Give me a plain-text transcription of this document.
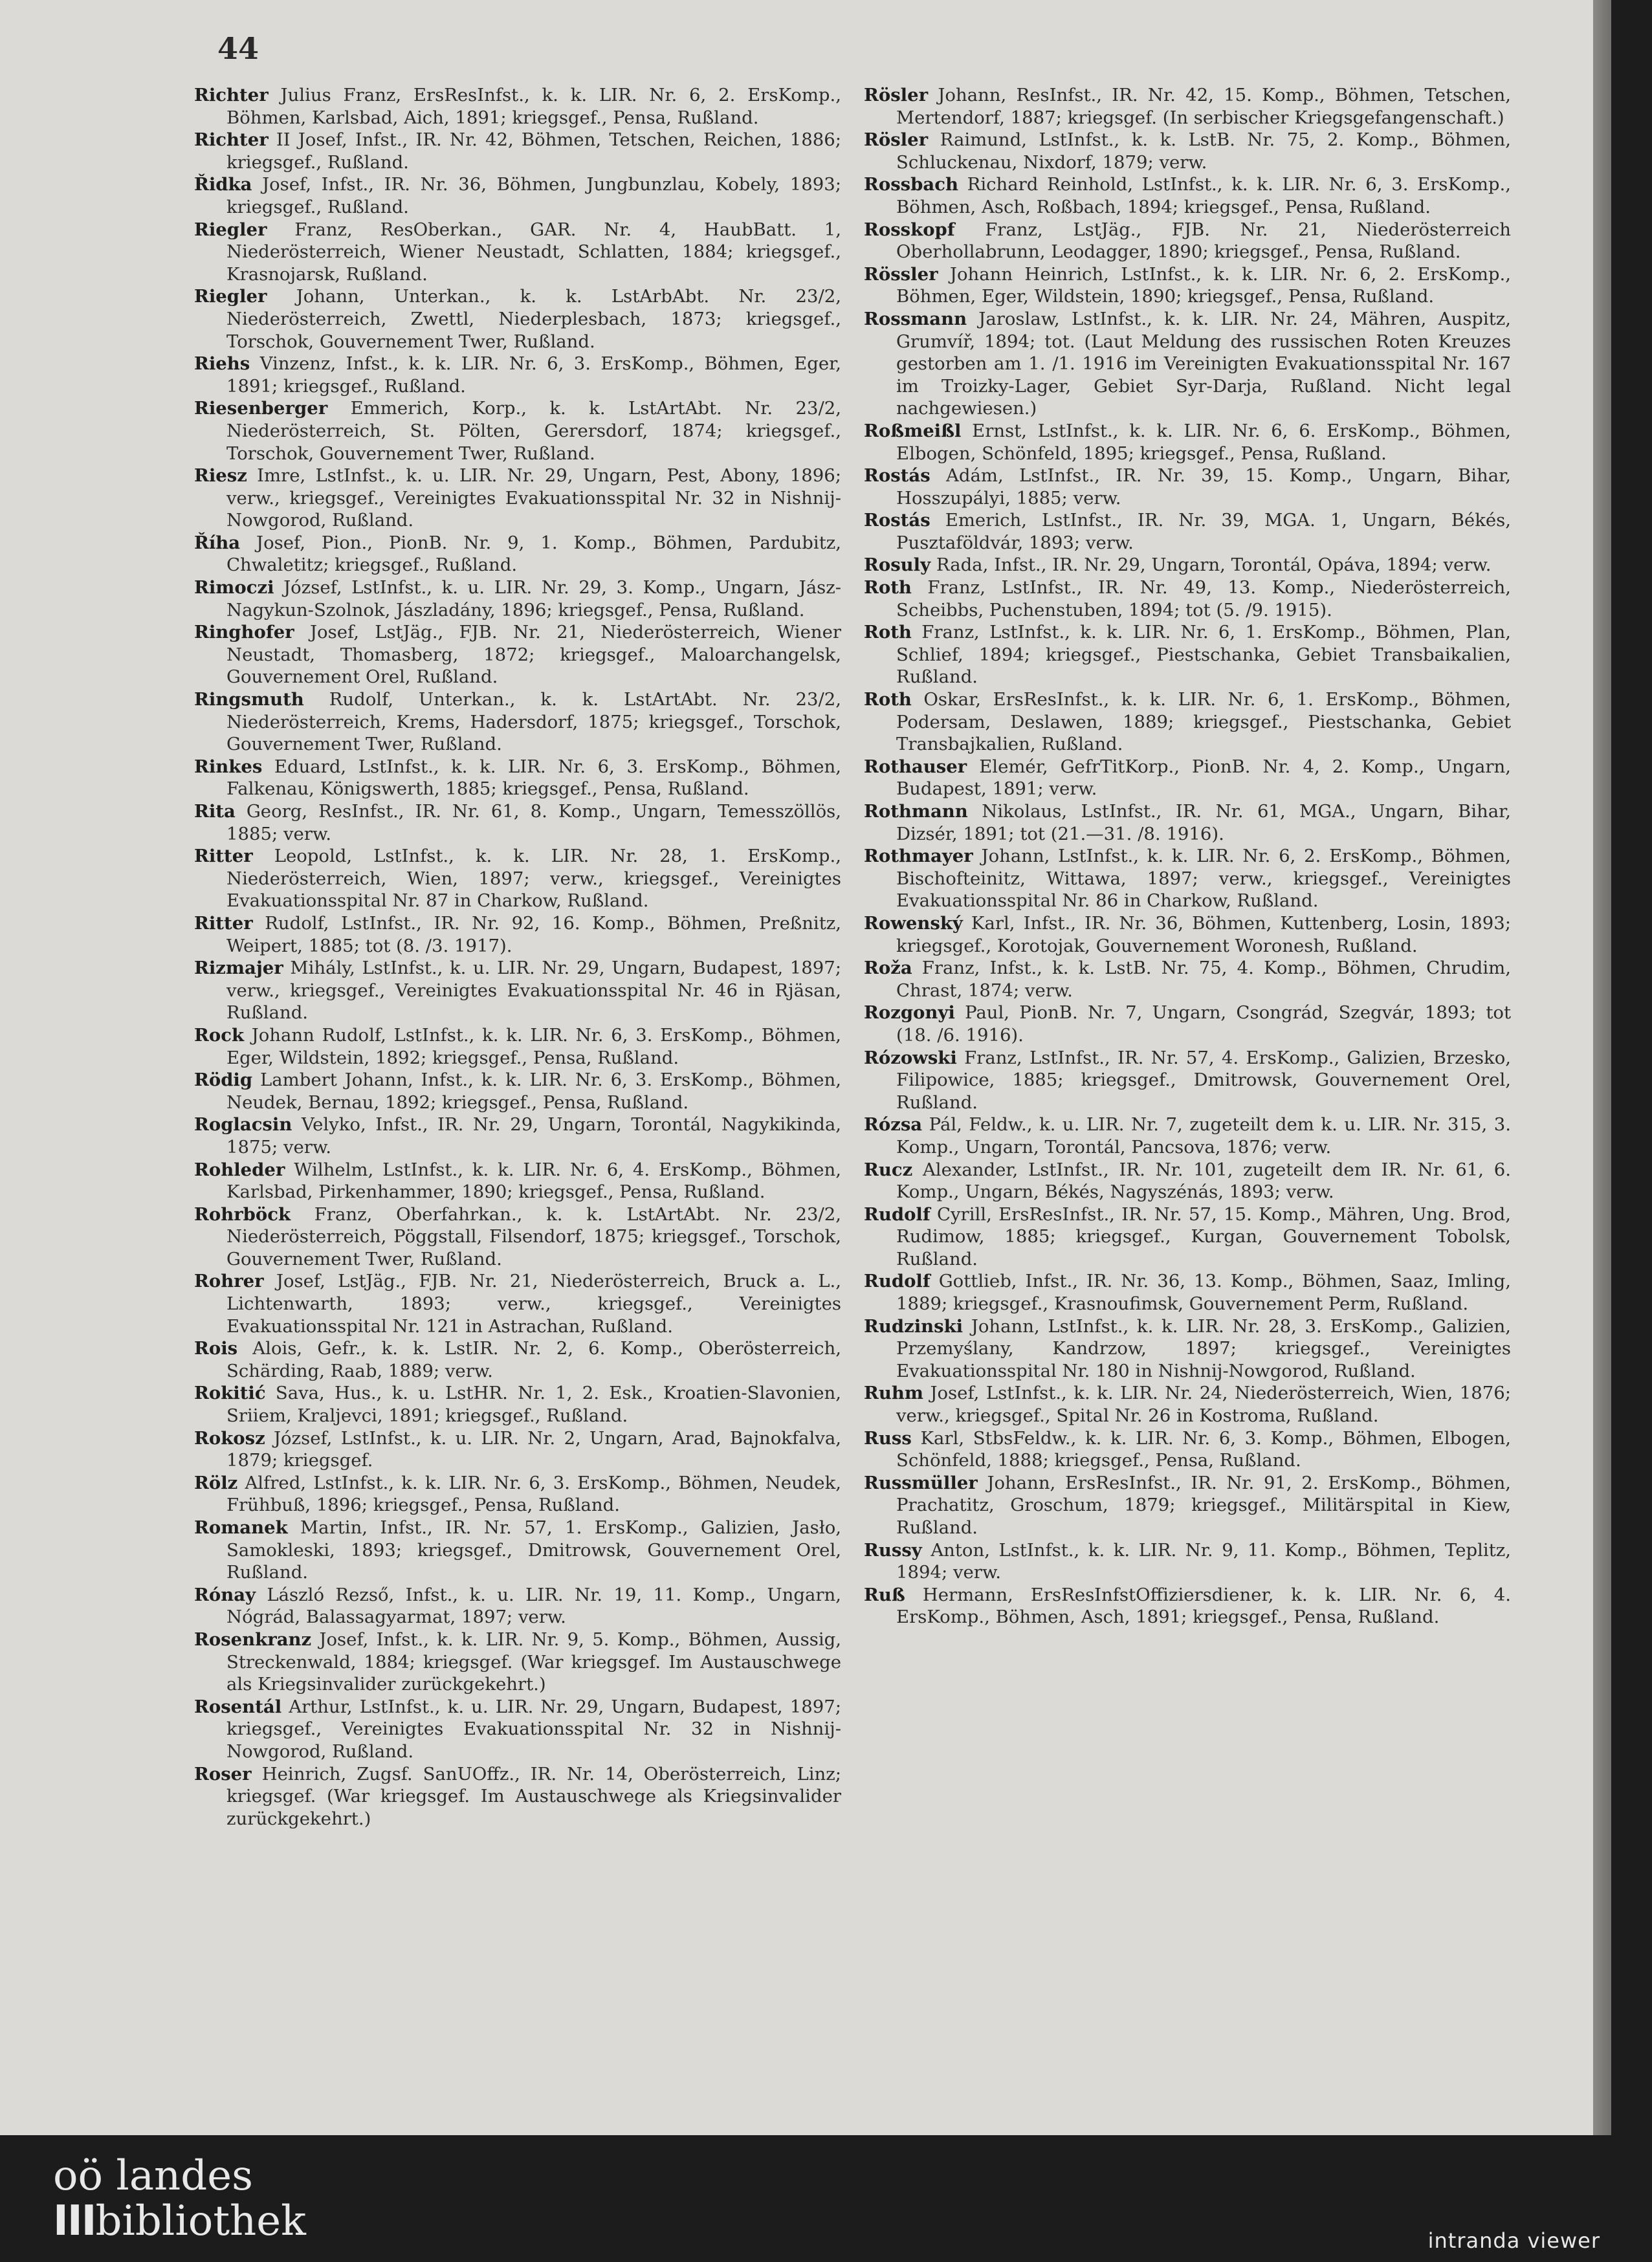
44

Richter Julius Franz, ErsResInfst., k. k. LIR. Nr. 6, 2. ErsKomp., Böhmen, Karlsbad, Aich, 1891; kriegsgef., Pensa, Rußland.

Richter II Josef, Infst., IR. Nr. 42, Böhmen, Tetschen, Reichen, 1886; kriegsgef., Rußland.

Řidka Josef, Infst., IR. Nr. 36, Böhmen, Jungbunzlau, Kobely, 1893; kriegsgef., Rußland.

Riegler Franz, ResOberkan., GAR. Nr. 4, HaubBatt. 1, Niederösterreich, Wiener Neustadt, Schlatten, 1884; kriegsgef., Krasnojarsk, Rußland.

Riegler Johann, Unterkan., k. k. LstArbAbt. Nr. 23/2, Niederösterreich, Zwettl, Niederplesbach, 1873; kriegsgef., Torschok, Gouvernement Twer, Rußland.

Riehs Vinzenz, Infst., k. k. LIR. Nr. 6, 3. ErsKomp., Böhmen, Eger, 1891; kriegsgef., Rußland.

Riesenberger Emmerich, Korp., k. k. LstArtAbt. Nr. 23/2, Niederösterreich, St. Pölten, Gerersdorf, 1874; kriegsgef., Torschok, Gouvernement Twer, Rußland.

Riesz Imre, LstInfst., k. u. LIR. Nr. 29, Ungarn, Pest, Abony, 1896; verw., kriegsgef., Vereinigtes Evakuationsspital Nr. 32 in Nishnij-Nowgorod, Rußland.

Říha Josef, Pion., PionB. Nr. 9, 1. Komp., Böhmen, Pardubitz, Chwaletitz; kriegsgef., Rußland.

Rimoczi József, LstInfst., k. u. LIR. Nr. 29, 3. Komp., Ungarn, Jász-Nagykun-Szolnok, Jászladány, 1896; kriegsgef., Pensa, Rußland.

Ringhofer Josef, LstJäg., FJB. Nr. 21, Niederösterreich, Wiener Neustadt, Thomasberg, 1872; kriegsgef., Maloarchangelsk, Gouvernement Orel, Rußland.

Ringsmuth Rudolf, Unterkan., k. k. LstArtAbt. Nr. 23/2, Niederösterreich, Krems, Hadersdorf, 1875; kriegsgef., Torschok, Gouvernement Twer, Rußland.

Rinkes Eduard, LstInfst., k. k. LIR. Nr. 6, 3. ErsKomp., Böhmen, Falkenau, Königswerth, 1885; kriegsgef., Pensa, Rußland.

Rita Georg, ResInfst., IR. Nr. 61, 8. Komp., Ungarn, Temesszöllös, 1885; verw.

Ritter Leopold, LstInfst., k. k. LIR. Nr. 28, 1. ErsKomp., Niederösterreich, Wien, 1897; verw., kriegsgef., Vereinigtes Evakuationsspital Nr. 87 in Charkow, Rußland.

Ritter Rudolf, LstInfst., IR. Nr. 92, 16. Komp., Böhmen, Preßnitz, Weipert, 1885; tot (8. /3. 1917).

Rizmajer Mihály, LstInfst., k. u. LIR. Nr. 29, Ungarn, Budapest, 1897; verw., kriegsgef., Vereinigtes Evakuationsspital Nr. 46 in Rjäsan, Rußland.

Rock Johann Rudolf, LstInfst., k. k. LIR. Nr. 6, 3. ErsKomp., Böhmen, Eger, Wildstein, 1892; kriegsgef., Pensa, Rußland.

Rödig Lambert Johann, Infst., k. k. LIR. Nr. 6, 3. ErsKomp., Böhmen, Neudek, Bernau, 1892; kriegsgef., Pensa, Rußland.

Roglacsin Velyko, Infst., IR. Nr. 29, Ungarn, Torontál, Nagykikinda, 1875; verw.

Rohleder Wilhelm, LstInfst., k. k. LIR. Nr. 6, 4. ErsKomp., Böhmen, Karlsbad, Pirkenhammer, 1890; kriegsgef., Pensa, Rußland.

Rohrböck Franz, Oberfahrkan., k. k. LstArtAbt. Nr. 23/2, Niederösterreich, Pöggstall, Filsendorf, 1875; kriegsgef., Torschok, Gouvernement Twer, Rußland.

Rohrer Josef, LstJäg., FJB. Nr. 21, Niederösterreich, Bruck a. L., Lichtenwarth, 1893; verw., kriegsgef., Vereinigtes Evakuationsspital Nr. 121 in Astrachan, Rußland.

Rois Alois, Gefr., k. k. LstIR. Nr. 2, 6. Komp., Oberösterreich, Schärding, Raab, 1889; verw.

Rokitić Sava, Hus., k. u. LstHR. Nr. 1, 2. Esk., Kroatien-Slavonien, Sriiem, Kraljevci, 1891; kriegsgef., Rußland.

Rokosz József, LstInfst., k. u. LIR. Nr. 2, Ungarn, Arad, Bajnokfalva, 1879; kriegsgef.

Rölz Alfred, LstInfst., k. k. LIR. Nr. 6, 3. ErsKomp., Böhmen, Neudek, Frühbuß, 1896; kriegsgef., Pensa, Rußland.

Romanek Martin, Infst., IR. Nr. 57, 1. ErsKomp., Galizien, Jasło, Samokleski, 1893; kriegsgef., Dmitrowsk, Gouvernement Orel, Rußland.

Rónay László Rezső, Infst., k. u. LIR. Nr. 19, 11. Komp., Ungarn, Nógrád, Balassagyarmat, 1897; verw.

Rosenkranz Josef, Infst., k. k. LIR. Nr. 9, 5. Komp., Böhmen, Aussig, Streckenwald, 1884; kriegsgef. (War kriegsgef. Im Austauschwege als Kriegsinvalider zurückgekehrt.)

Rosentál Arthur, LstInfst., k. u. LIR. Nr. 29, Ungarn, Budapest, 1897; kriegsgef., Vereinigtes Evakuationsspital Nr. 32 in Nishnij-Nowgorod, Rußland.

Roser Heinrich, Zugsf. SanUOffz., IR. Nr. 14, Oberösterreich, Linz; kriegsgef. (War kriegsgef. Im Austauschwege als Kriegsinvalider zurückgekehrt.)

Rösler Johann, ResInfst., IR. Nr. 42, 15. Komp., Böhmen, Tetschen, Mertendorf, 1887; kriegsgef. (In serbischer Kriegsgefangenschaft.)

Rösler Raimund, LstInfst., k. k. LstB. Nr. 75, 2. Komp., Böhmen, Schluckenau, Nixdorf, 1879; verw.

Rossbach Richard Reinhold, LstInfst., k. k. LIR. Nr. 6, 3. ErsKomp., Böhmen, Asch, Roßbach, 1894; kriegsgef., Pensa, Rußland.

Rosskopf Franz, LstJäg., FJB. Nr. 21, Niederösterreich Oberhollabrunn, Leodagger, 1890; kriegsgef., Pensa, Rußland.

Rössler Johann Heinrich, LstInfst., k. k. LIR. Nr. 6, 2. ErsKomp., Böhmen, Eger, Wildstein, 1890; kriegsgef., Pensa, Rußland.

Rossmann Jaroslaw, LstInfst., k. k. LIR. Nr. 24, Mähren, Auspitz, Grumvíř, 1894; tot. (Laut Meldung des russischen Roten Kreuzes gestorben am 1. /1. 1916 im Vereinigten Evakuationsspital Nr. 167 im Troizky-Lager, Gebiet Syr-Darja, Rußland. Nicht legal nachgewiesen.)

Roßmeißl Ernst, LstInfst., k. k. LIR. Nr. 6, 6. ErsKomp., Böhmen, Elbogen, Schönfeld, 1895; kriegsgef., Pensa, Rußland.

Rostás Adám, LstInfst., IR. Nr. 39, 15. Komp., Ungarn, Bihar, Hosszupályi, 1885; verw.

Rostás Emerich, LstInfst., IR. Nr. 39, MGA. 1, Ungarn, Békés, Pusztaföldvár, 1893; verw.

Rosuly Rada, Infst., IR. Nr. 29, Ungarn, Torontál, Opáva, 1894; verw.

Roth Franz, LstInfst., IR. Nr. 49, 13. Komp., Niederösterreich, Scheibbs, Puchenstuben, 1894; tot (5. /9. 1915).

Roth Franz, LstInfst., k. k. LIR. Nr. 6, 1. ErsKomp., Böhmen, Plan, Schlief, 1894; kriegsgef., Piestschanka, Gebiet Transbaikalien, Rußland.

Roth Oskar, ErsResInfst., k. k. LIR. Nr. 6, 1. ErsKomp., Böhmen, Podersam, Deslawen, 1889; kriegsgef., Piestschanka, Gebiet Transbajkalien, Rußland.

Rothauser Elemér, GefrTitKorp., PionB. Nr. 4, 2. Komp., Ungarn, Budapest, 1891; verw.

Rothmann Nikolaus, LstInfst., IR. Nr. 61, MGA., Ungarn, Bihar, Dizsér, 1891; tot (21.—31. /8. 1916).

Rothmayer Johann, LstInfst., k. k. LIR. Nr. 6, 2. ErsKomp., Böhmen, Bischofteinitz, Wittawa, 1897; verw., kriegsgef., Vereinigtes Evakuationsspital Nr. 86 in Charkow, Rußland.

Rowenský Karl, Infst., IR. Nr. 36, Böhmen, Kuttenberg, Losin, 1893; kriegsgef., Korotojak, Gouvernement Woronesh, Rußland.

Roža Franz, Infst., k. k. LstB. Nr. 75, 4. Komp., Böhmen, Chrudim, Chrast, 1874; verw.

Rozgonyi Paul, PionB. Nr. 7, Ungarn, Csongrád, Szegvár, 1893; tot (18. /6. 1916).

Rózowski Franz, LstInfst., IR. Nr. 57, 4. ErsKomp., Galizien, Brzesko, Filipowice, 1885; kriegsgef., Dmitrowsk, Gouvernement Orel, Rußland.

Rózsa Pál, Feldw., k. u. LIR. Nr. 7, zugeteilt dem k. u. LIR. Nr. 315, 3. Komp., Ungarn, Torontál, Pancsova, 1876; verw.

Rucz Alexander, LstInfst., IR. Nr. 101, zugeteilt dem IR. Nr. 61, 6. Komp., Ungarn, Békés, Nagyszénás, 1893; verw.

Rudolf Cyrill, ErsResInfst., IR. Nr. 57, 15. Komp., Mähren, Ung. Brod, Rudimow, 1885; kriegsgef., Kurgan, Gouvernement Tobolsk, Rußland.

Rudolf Gottlieb, Infst., IR. Nr. 36, 13. Komp., Böhmen, Saaz, Imling, 1889; kriegsgef., Krasnoufimsk, Gouvernement Perm, Rußland.

Rudzinski Johann, LstInfst., k. k. LIR. Nr. 28, 3. ErsKomp., Galizien, Przemyślany, Kandrzow, 1897; kriegsgef., Vereinigtes Evakuationsspital Nr. 180 in Nishnij-Nowgorod, Rußland.

Ruhm Josef, LstInfst., k. k. LIR. Nr. 24, Niederösterreich, Wien, 1876; verw., kriegsgef., Spital Nr. 26 in Kostroma, Rußland.

Russ Karl, StbsFeldw., k. k. LIR. Nr. 6, 3. Komp., Böhmen, Elbogen, Schönfeld, 1888; kriegsgef., Pensa, Rußland.

Russmüller Johann, ErsResInfst., IR. Nr. 91, 2. ErsKomp., Böhmen, Prachatitz, Groschum, 1879; kriegsgef., Militärspital in Kiew, Rußland.

Russy Anton, LstInfst., k. k. LIR. Nr. 9, 11. Komp., Böhmen, Teplitz, 1894; verw.

Ruß Hermann, ErsResInfstOffiziersdiener, k. k. LIR. Nr. 6, 4. ErsKomp., Böhmen, Asch, 1891; kriegsgef., Pensa, Rußland.

oö landes
IIIbibliothek	intranda viewer
